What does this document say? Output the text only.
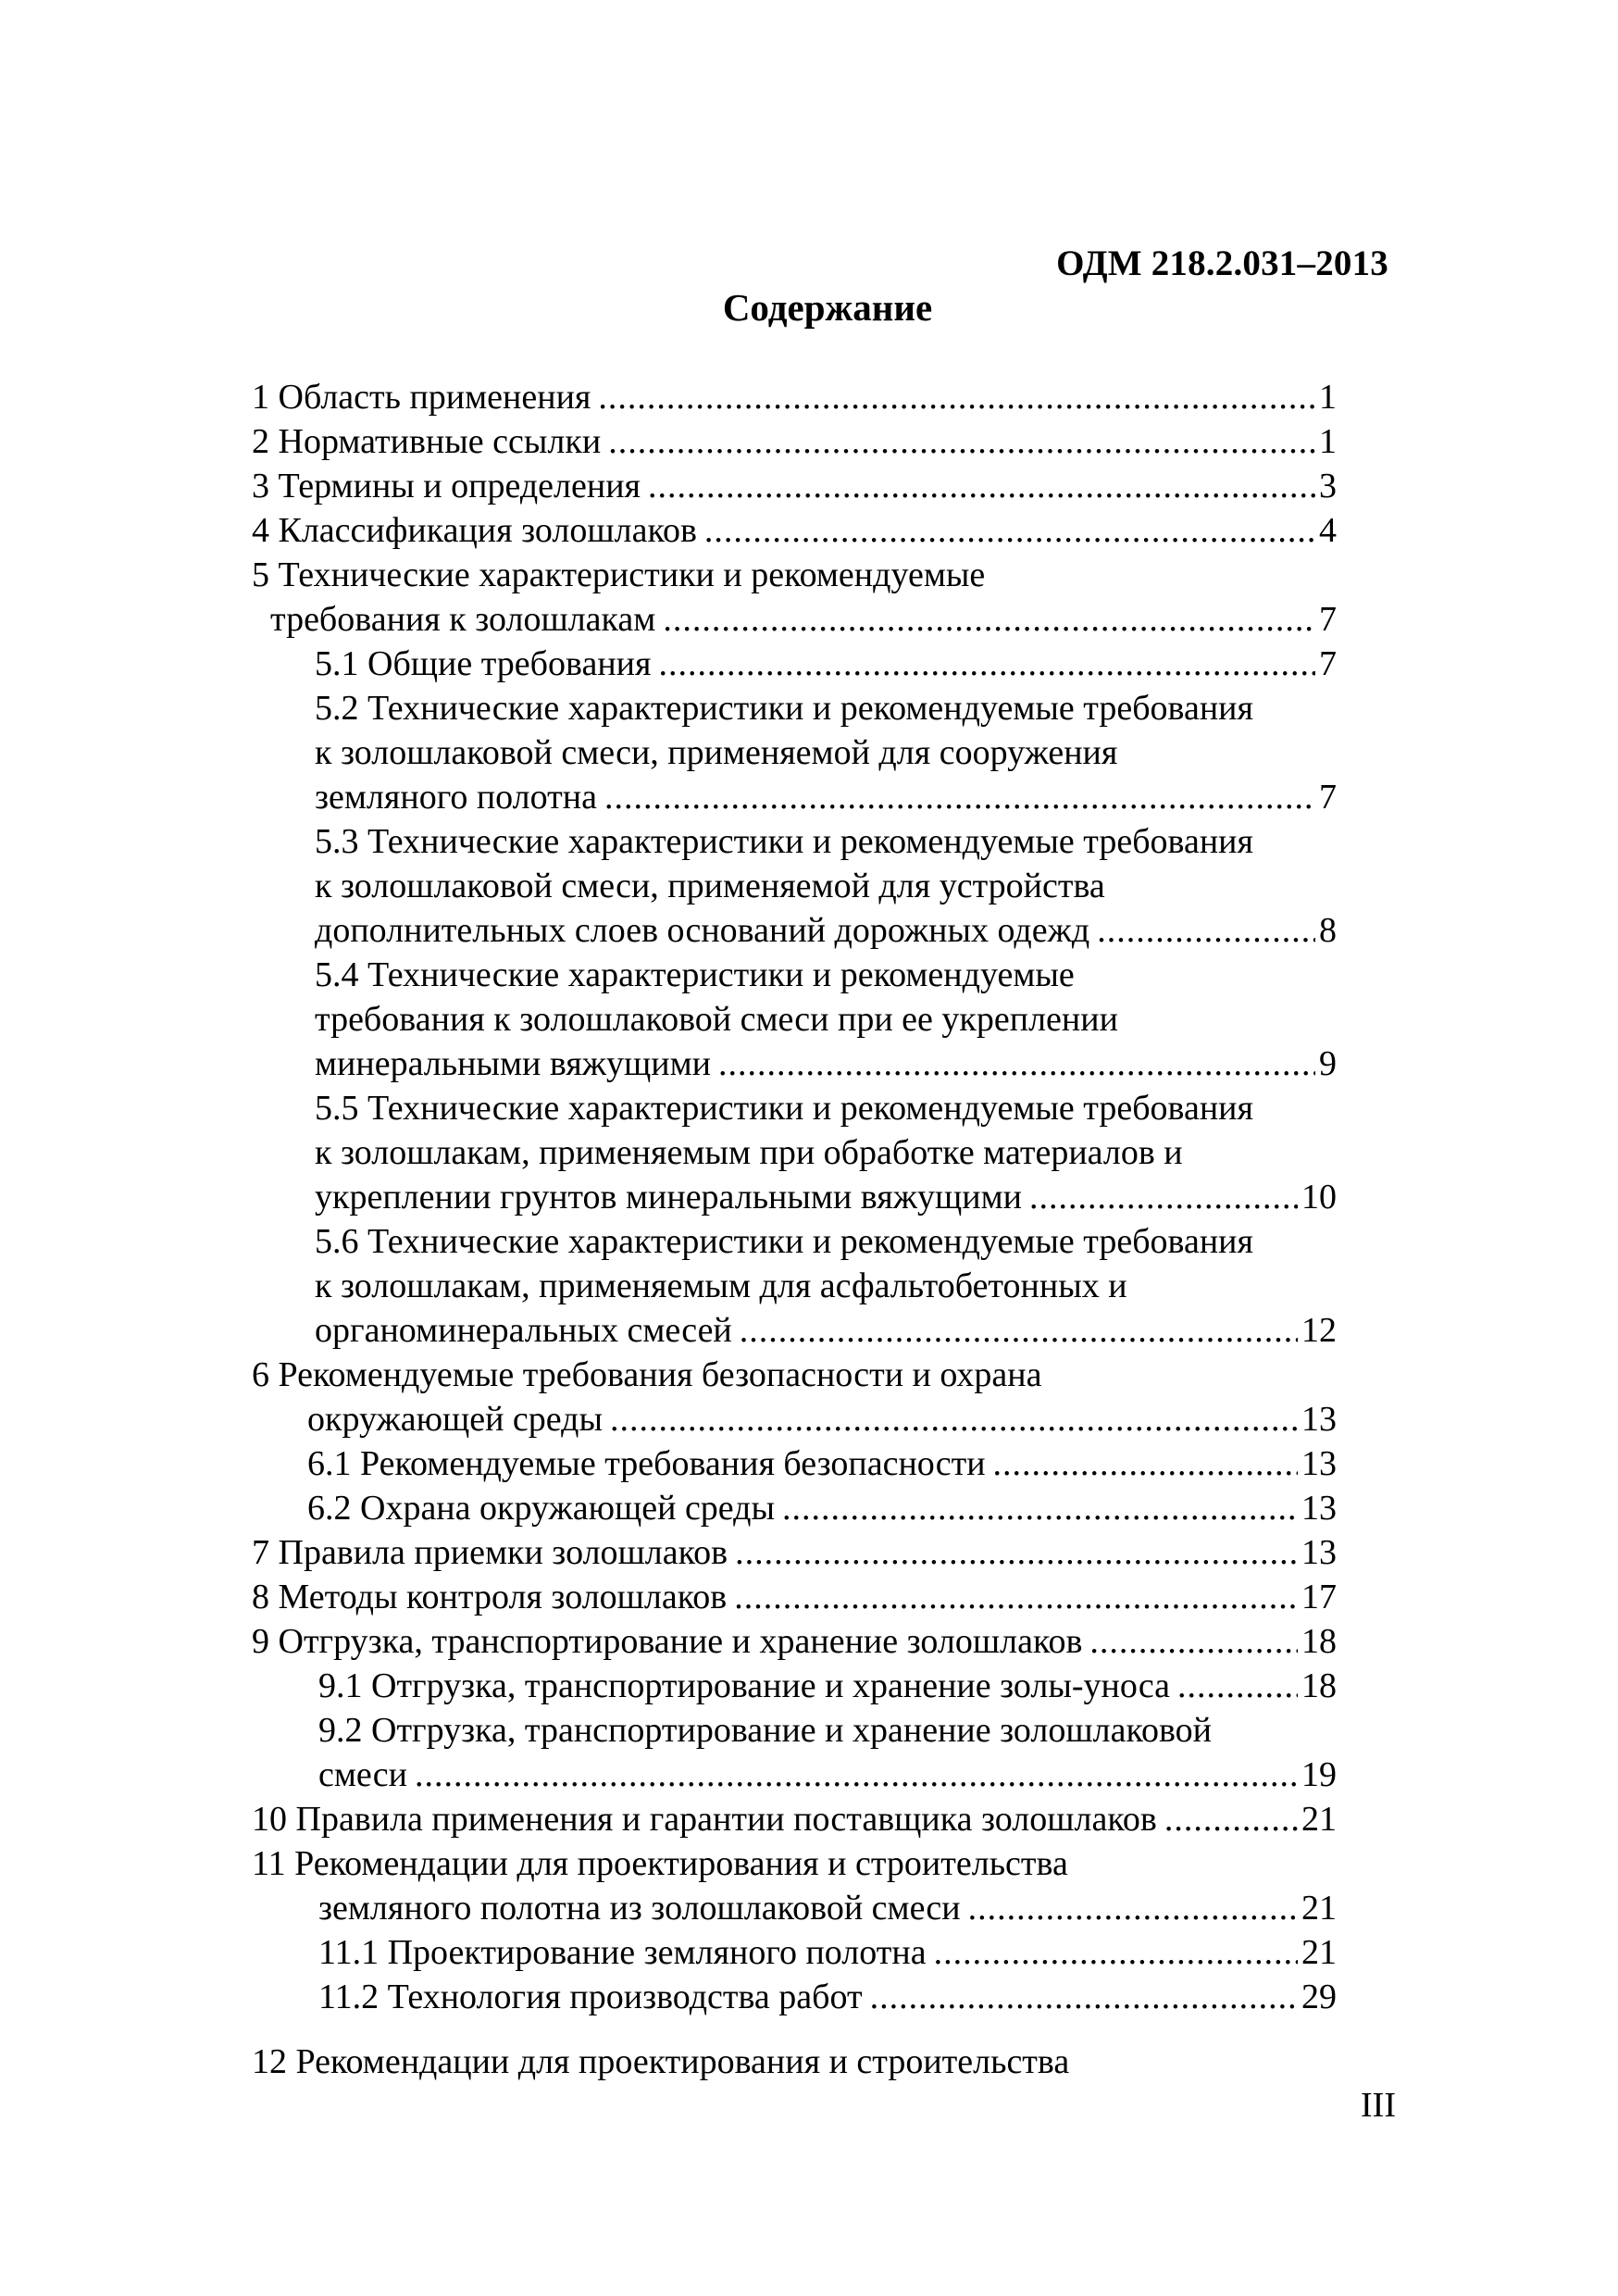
ОДМ 218.2.031–2013
Содержание
1 Область применения .....	1
2 Нормативные ссылки .....	1
3 Термины и определения .....	3
4 Классификация золошлаков .....	4
5 Технические характеристики и рекомендуемые
требования к золошлакам .....	7
5.1 Общие требования .....	7
5.2 Технические характеристики и рекомендуемые требования
к золошлаковой смеси, применяемой для сооружения
земляного полотна .....	7
5.3 Технические характеристики и рекомендуемые требования
к золошлаковой смеси, применяемой для устройства
дополнительных слоев оснований дорожных одежд .....	8
5.4 Технические характеристики и рекомендуемые
требования к золошлаковой смеси при ее укреплении
минеральными вяжущими .....	9
5.5 Технические характеристики и рекомендуемые требования
к золошлакам, применяемым при обработке материалов и
укреплении грунтов минеральными вяжущими .....	10
5.6 Технические характеристики и рекомендуемые требования
к золошлакам, применяемым для асфальтобетонных и
органоминеральных смесей .....	12
6 Рекомендуемые требования безопасности и охрана
окружающей среды .....	13
6.1 Рекомендуемые требования безопасности .....	13
6.2 Охрана окружающей среды .....	13
7 Правила приемки золошлаков .....	13
8 Методы контроля золошлаков .....	17
9 Отгрузка, транспортирование и хранение золошлаков .....	18
9.1 Отгрузка, транспортирование и хранение золы-уноса .....	18
9.2 Отгрузка, транспортирование и хранение золошлаковой
смеси .....	19
10 Правила применения и гарантии поставщика золошлаков .....	21
11 Рекомендации для проектирования и строительства
земляного полотна из золошлаковой смеси .....	21
11.1 Проектирование земляного полотна .....	21
11.2 Технология производства работ .....	29
12 Рекомендации для проектирования и строительства
III
